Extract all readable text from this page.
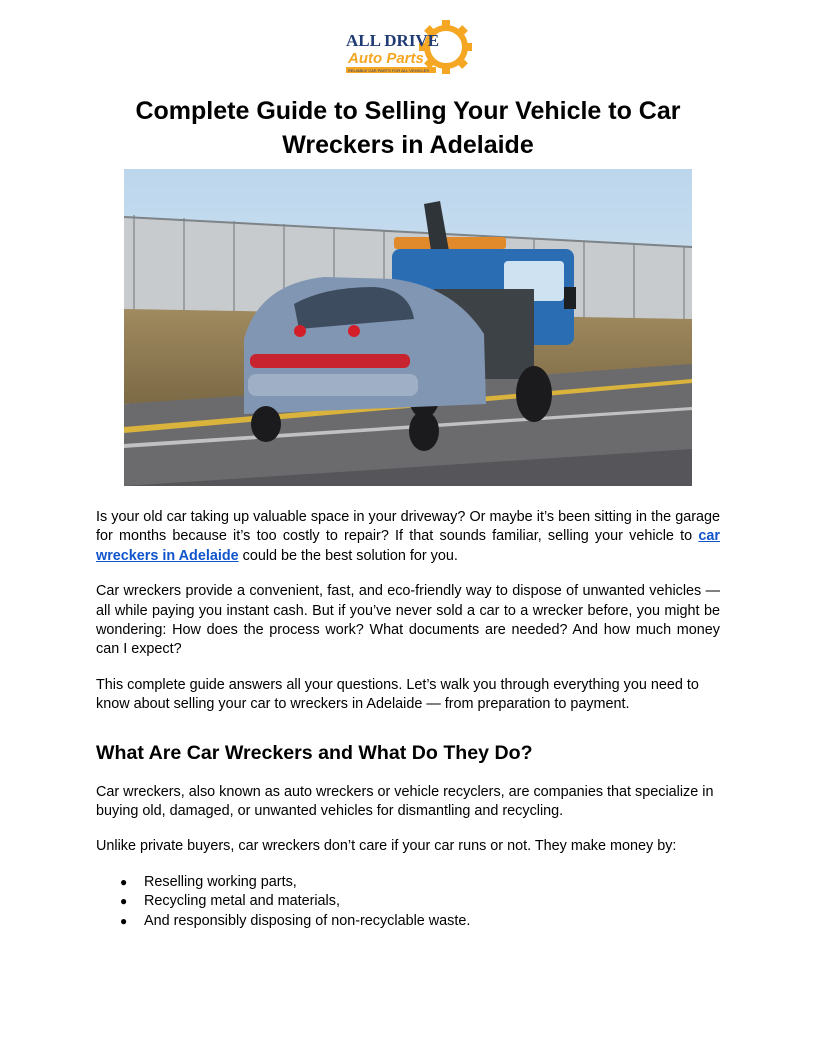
ALL DRIVE
Auto Parts
RELIABLE CAR PARTS FOR ALL VEHICLES
Complete Guide to Selling Your Vehicle to Car
Wreckers in Adelaide

Is your old car taking up valuable space in your driveway? Or maybe it’s been sitting in the garage for months because it’s too costly to repair? If that sounds familiar, selling your vehicle to car wreckers in Adelaide could be the best solution for you.

Car wreckers provide a convenient, fast, and eco-friendly way to dispose of unwanted vehicles — all while paying you instant cash. But if you’ve never sold a car to a wrecker before, you might be wondering: How does the process work? What documents are needed? And how much money can I expect?

This complete guide answers all your questions. Let’s walk you through everything you need to know about selling your car to wreckers in Adelaide — from preparation to payment.

What Are Car Wreckers and What Do They Do?

Car wreckers, also known as auto wreckers or vehicle recyclers, are companies that specialize in buying old, damaged, or unwanted vehicles for dismantling and recycling.

Unlike private buyers, car wreckers don’t care if your car runs or not. They make money by:

● Reselling working parts,
● Recycling metal and materials,
● And responsibly disposing of non-recyclable waste.
